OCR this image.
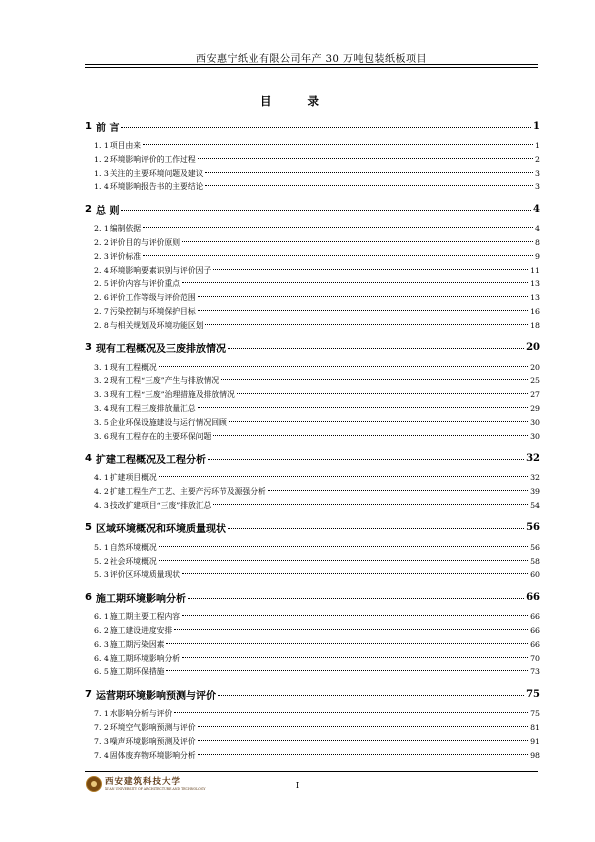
西安惠宁纸业有限公司年产 30 万吨包装纸板项目
目 录
1 前 言	1
1. 1 项目由来	1
1. 2 环境影响评价的工作过程	2
1. 3 关注的主要环境问题及建议	3
1. 4 环境影响报告书的主要结论	3
2 总 则	4
2. 1 编制依据	4
2. 2 评价目的与评价原则	8
2. 3 评价标准	9
2. 4 环境影响要素识别与评价因子	11
2. 5 评价内容与评价重点	13
2. 6 评价工作等级与评价范围	13
2. 7 污染控制与环境保护目标	16
2. 8 与相关规划及环境功能区划	18
3 现有工程概况及三废排放情况	20
3. 1 现有工程概况	20
3. 2 现有工程“三废”产生与排放情况	25
3. 3 现有工程“三废”治理措施及排放情况	27
3. 4 现有工程三废排放量汇总	29
3. 5 企业环保设施建设与运行情况回顾	30
3. 6 现有工程存在的主要环保问题	30
4 扩建工程概况及工程分析	32
4. 1 扩建项目概况	32
4. 2 扩建工程生产工艺、主要产污环节及源强分析	39
4. 3 技改扩建项目“三废”排放汇总	54
5 区域环境概况和环境质量现状	56
5. 1 自然环境概况	56
5. 2 社会环境概况	58
5. 3 评价区环境质量现状	60
6 施工期环境影响分析	66
6. 1 施工期主要工程内容	66
6. 2 施工建设进度安排	66
6. 3 施工期污染因素	66
6. 4 施工期环境影响分析	70
6. 5 施工期环保措施	73
7 运营期环境影响预测与评价	75
7. 1 水影响分析与评价	75
7. 2 环境空气影响预测与评价	81
7. 3 噪声环境影响预测及评价	91
7. 4 固体废弃物环境影响分析	98
西安建筑科技大学
XI'AN UNIVERSITY OF ARCHITECTURE AND TECHNOLOGY	I
